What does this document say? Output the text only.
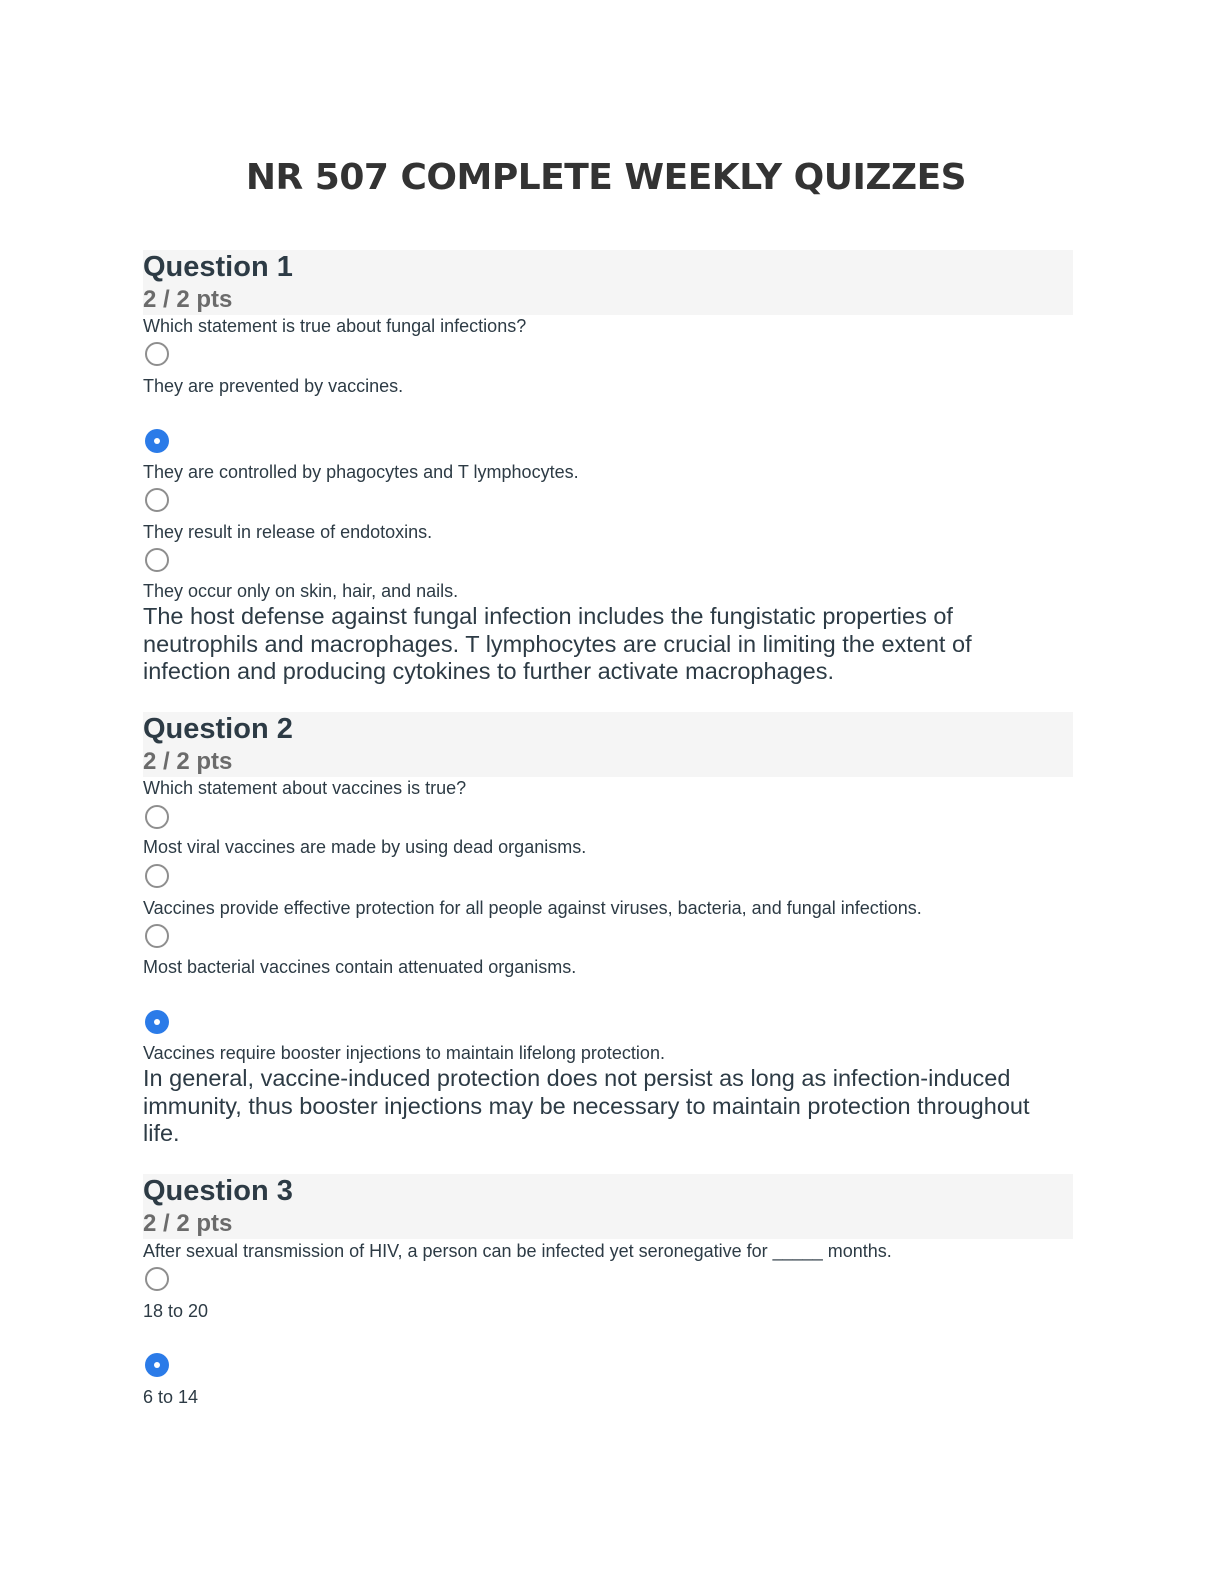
NR 507 COMPLETE WEEKLY QUIZZES
Question 1
2 / 2 pts
Which statement is true about fungal infections?
They are prevented by vaccines.
They are controlled by phagocytes and T lymphocytes.
They result in release of endotoxins.
They occur only on skin, hair, and nails.
The host defense against fungal infection includes the fungistatic properties of neutrophils and macrophages. T lymphocytes are crucial in limiting the extent of infection and producing cytokines to further activate macrophages.
Question 2
2 / 2 pts
Which statement about vaccines is true?
Most viral vaccines are made by using dead organisms.
Vaccines provide effective protection for all people against viruses, bacteria, and fungal infections.
Most bacterial vaccines contain attenuated organisms.
Vaccines require booster injections to maintain lifelong protection.
In general, vaccine-induced protection does not persist as long as infection-induced immunity, thus booster injections may be necessary to maintain protection throughout life.
Question 3
2 / 2 pts
After sexual transmission of HIV, a person can be infected yet seronegative for _____ months.
18 to 20
6 to 14
